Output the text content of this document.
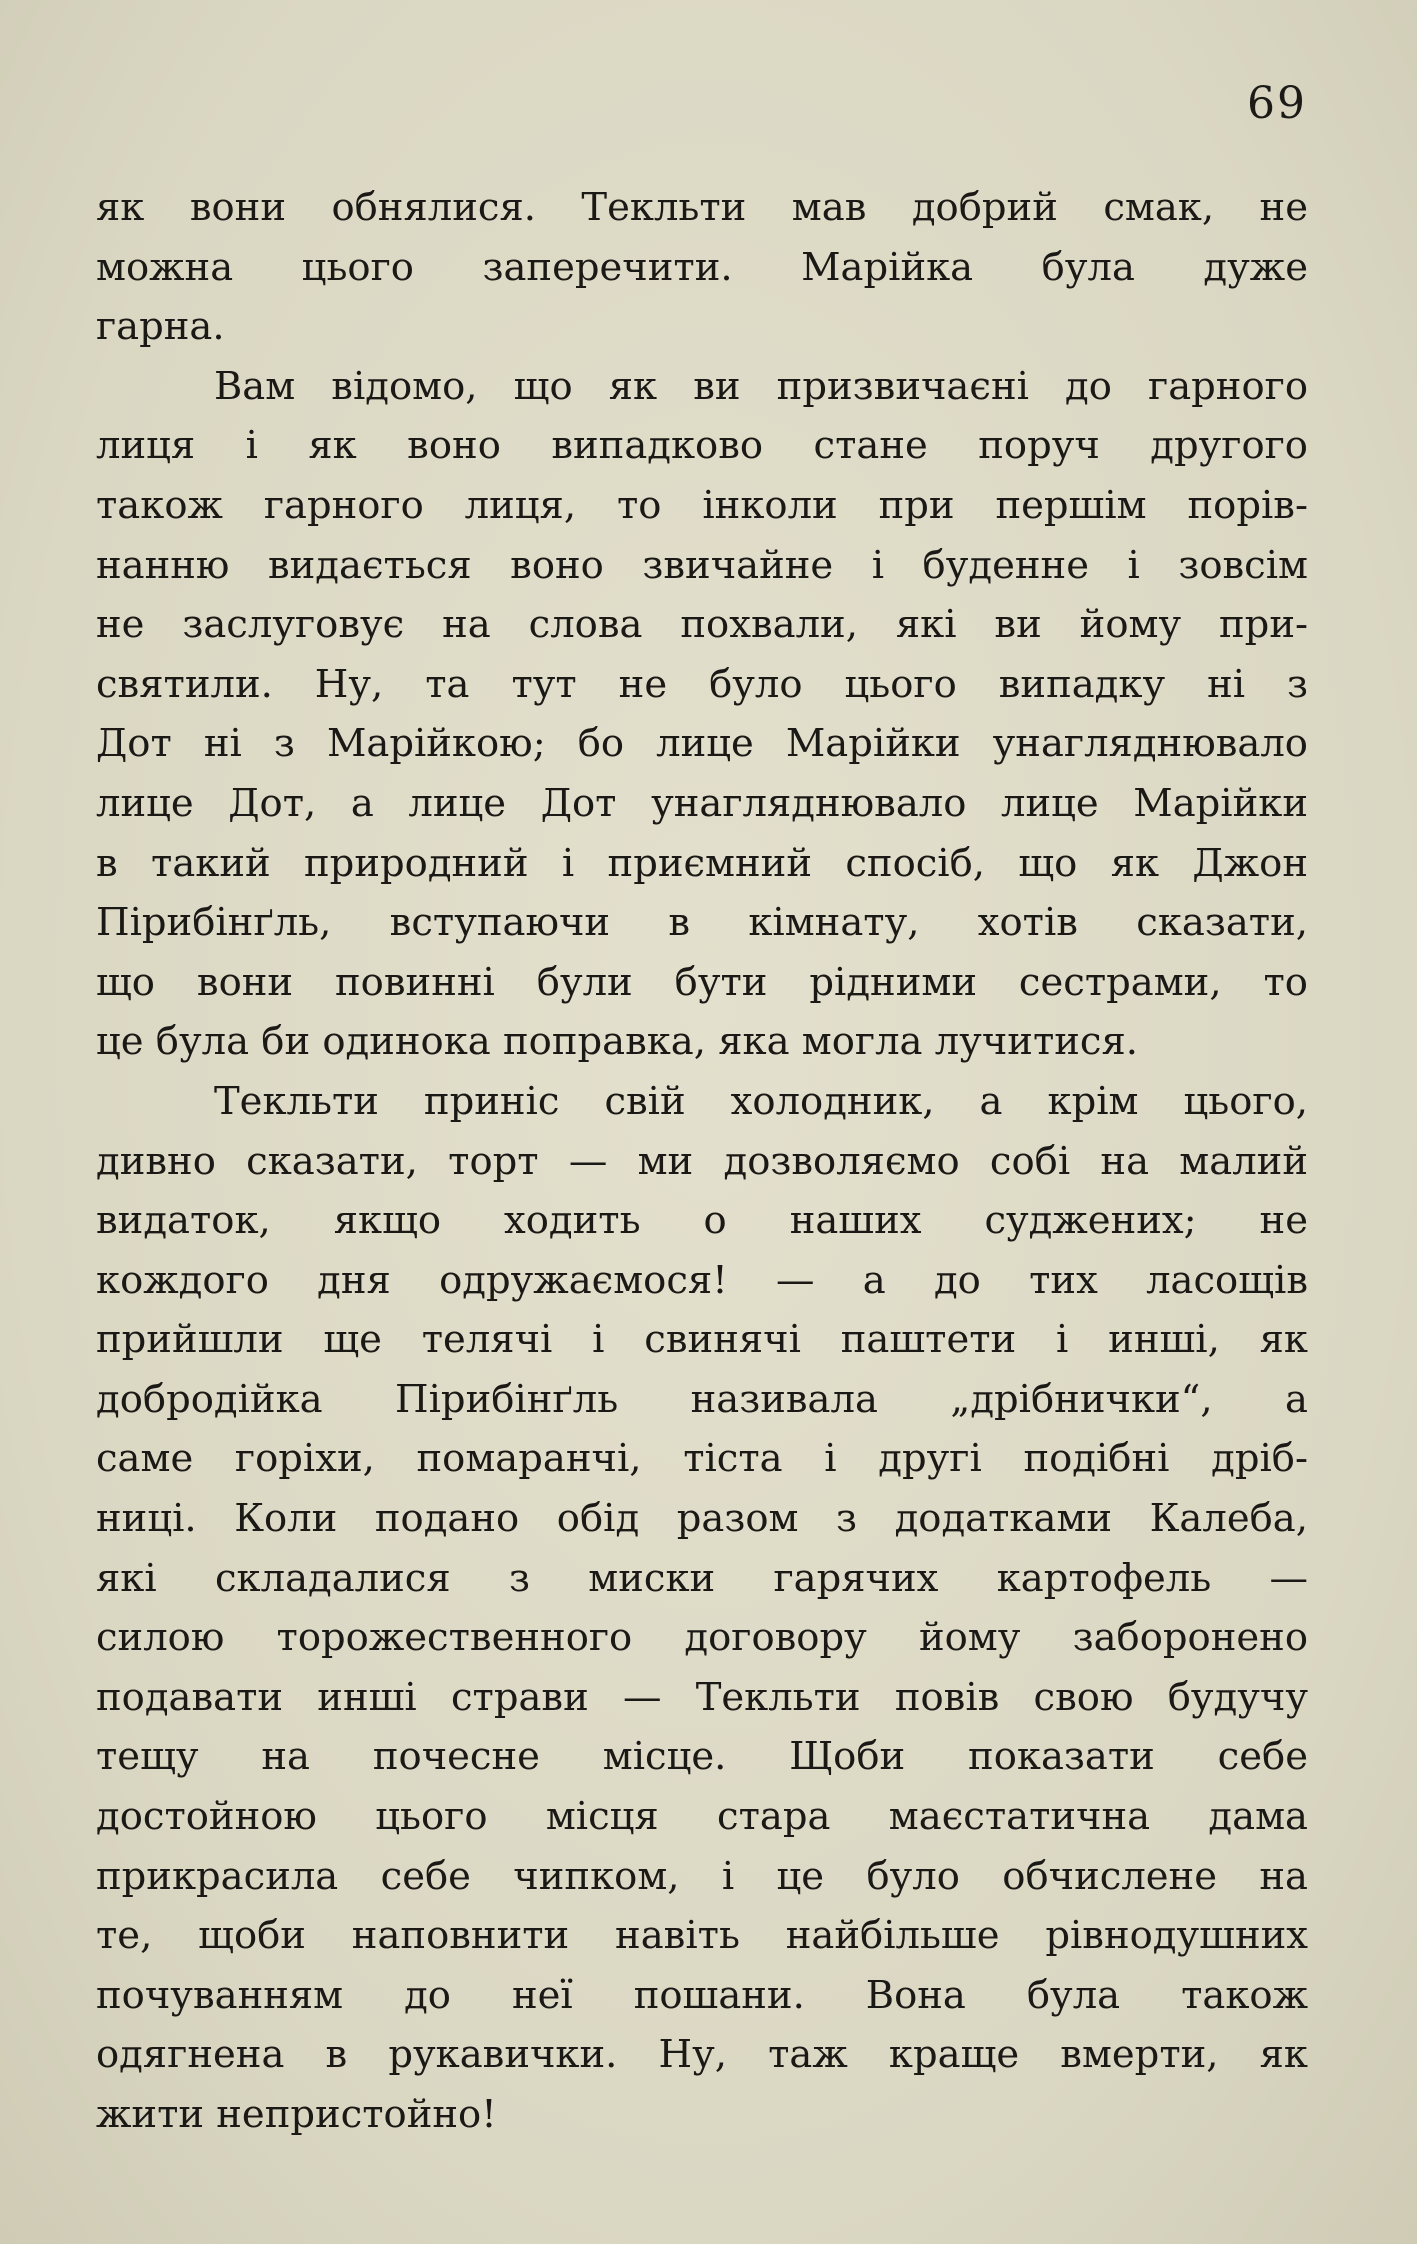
69

як вони обнялися. Текльти мав добрий смак, не
можна цього заперечити. Марійка була дуже
гарна.

Вам відомо, що як ви призвичаєні до гарного
лиця і як воно випадково стане поруч другого
також гарного лиця, то інколи при першім порів-
нанню видається воно звичайне і буденне і зовсім
не заслуговує на слова похвали, які ви йому при-
святили. Ну, та тут не було цього випадку ні з
Дот ні з Марійкою; бо лице Марійки унагляднювало
лице Дот, а лице Дот унагляднювало лице Марійки
в такий природний і приємний спосіб, що як Джон
Пірибінґль, вступаючи в кімнату, хотів сказати,
що вони повинні були бути рідними сестрами, то
це була би одинока поправка, яка могла лучитися.

Текльти приніс свій холодник, а крім цього,
дивно сказати, торт — ми дозволяємо собі на малий
видаток, якщо ходить о наших суджених; не
кождого дня одружаємося! — а до тих ласощів
прийшли ще телячі і свинячі паштети і инші, як
добродійка Пірибінґль називала „дрібнички“, а
саме горіхи, помаранчі, тіста і другі подібні дріб-
ниці. Коли подано обід разом з додатками Калеба,
які складалися з миски гарячих картофель —
силою торожественного договору йому заборонено
подавати инші страви — Текльти повів свою будучу
тещу на почесне місце. Щоби показати себе
достойною цього місця стара маєстатична дама
прикрасила себе чипком, і це було обчислене на
те, щоби наповнити навіть найбільше рівнодушних
почуванням до неї пошани. Вона була також
одягнена в рукавички. Ну, таж краще вмерти, як
жити непристойно!
